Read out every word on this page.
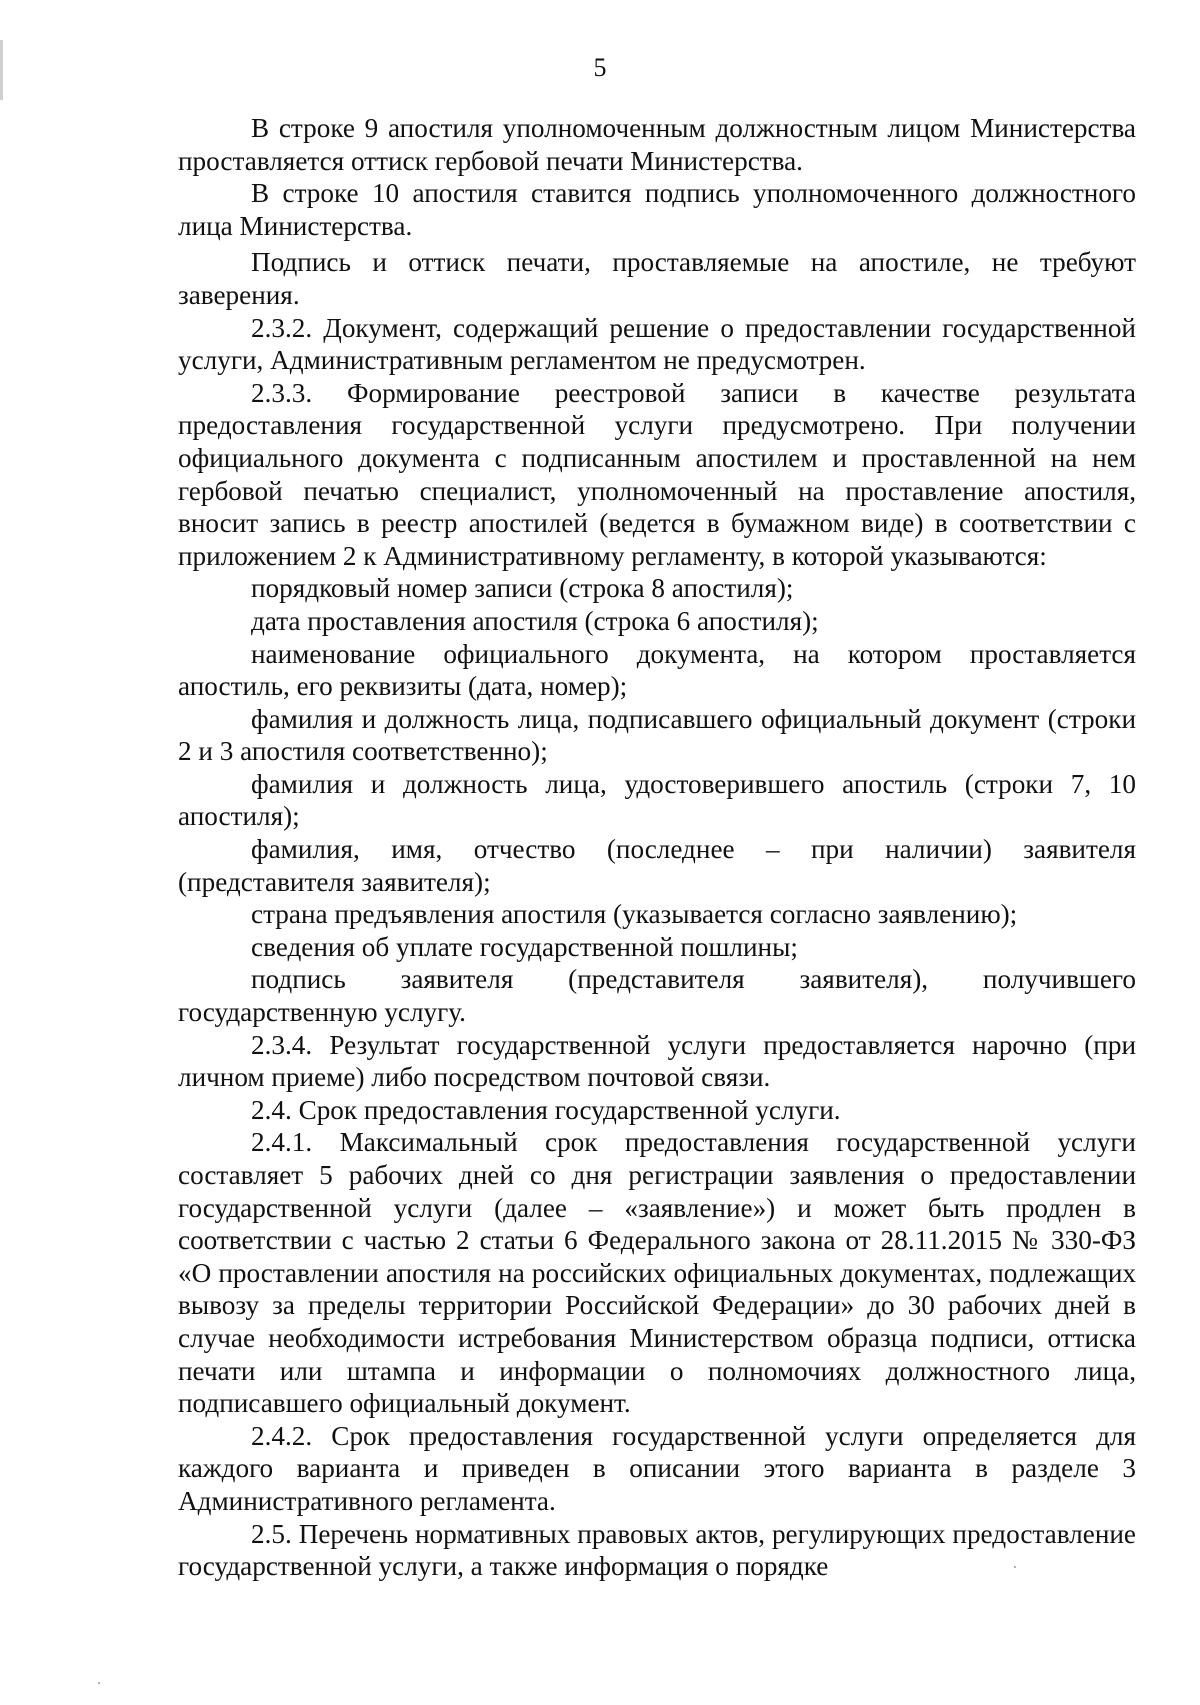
5

В строке 9 апостиля уполномоченным должностным лицом Министерства проставляется оттиск гербовой печати Министерства.

В строке 10 апостиля ставится подпись уполномоченного должностного лица Министерства.

Подпись и оттиск печати, проставляемые на апостиле, не требуют заверения.

2.3.2. Документ, содержащий решение о предоставлении государственной услуги, Административным регламентом не предусмотрен.

2.3.3. Формирование реестровой записи в качестве результата предоставления государственной услуги предусмотрено. При получении официального документа с подписанным апостилем и проставленной на нем гербовой печатью специалист, уполномоченный на проставление апостиля, вносит запись в реестр апостилей (ведется в бумажном виде) в соответствии с приложением 2 к Административному регламенту, в которой указываются:

порядковый номер записи (строка 8 апостиля);

дата проставления апостиля (строка 6 апостиля);

наименование официального документа, на котором проставляется апостиль, его реквизиты (дата, номер);

фамилия и должность лица, подписавшего официальный документ (строки 2 и 3 апостиля соответственно);

фамилия и должность лица, удостоверившего апостиль (строки 7, 10 апостиля);

фамилия, имя, отчество (последнее – при наличии) заявителя (представителя заявителя);

страна предъявления апостиля (указывается согласно заявлению);

сведения об уплате государственной пошлины;

подпись заявителя (представителя заявителя), получившего государственную услугу.

2.3.4. Результат государственной услуги предоставляется нарочно (при личном приеме) либо посредством почтовой связи.

2.4. Срок предоставления государственной услуги.

2.4.1. Максимальный срок предоставления государственной услуги составляет 5 рабочих дней со дня регистрации заявления о предоставлении государственной услуги (далее – «заявление») и может быть продлен в соответствии с частью 2 статьи 6 Федерального закона от 28.11.2015 № 330-ФЗ «О проставлении апостиля на российских официальных документах, подлежащих вывозу за пределы территории Российской Федерации» до 30 рабочих дней в случае необходимости истребования Министерством образца подписи, оттиска печати или штампа и информации о полномочиях должностного лица, подписавшего официальный документ.

2.4.2. Срок предоставления государственной услуги определяется для каждого варианта и приведен в описании этого варианта в разделе 3 Административного регламента.

2.5. Перечень нормативных правовых актов, регулирующих предоставление государственной услуги, а также информация о порядке
